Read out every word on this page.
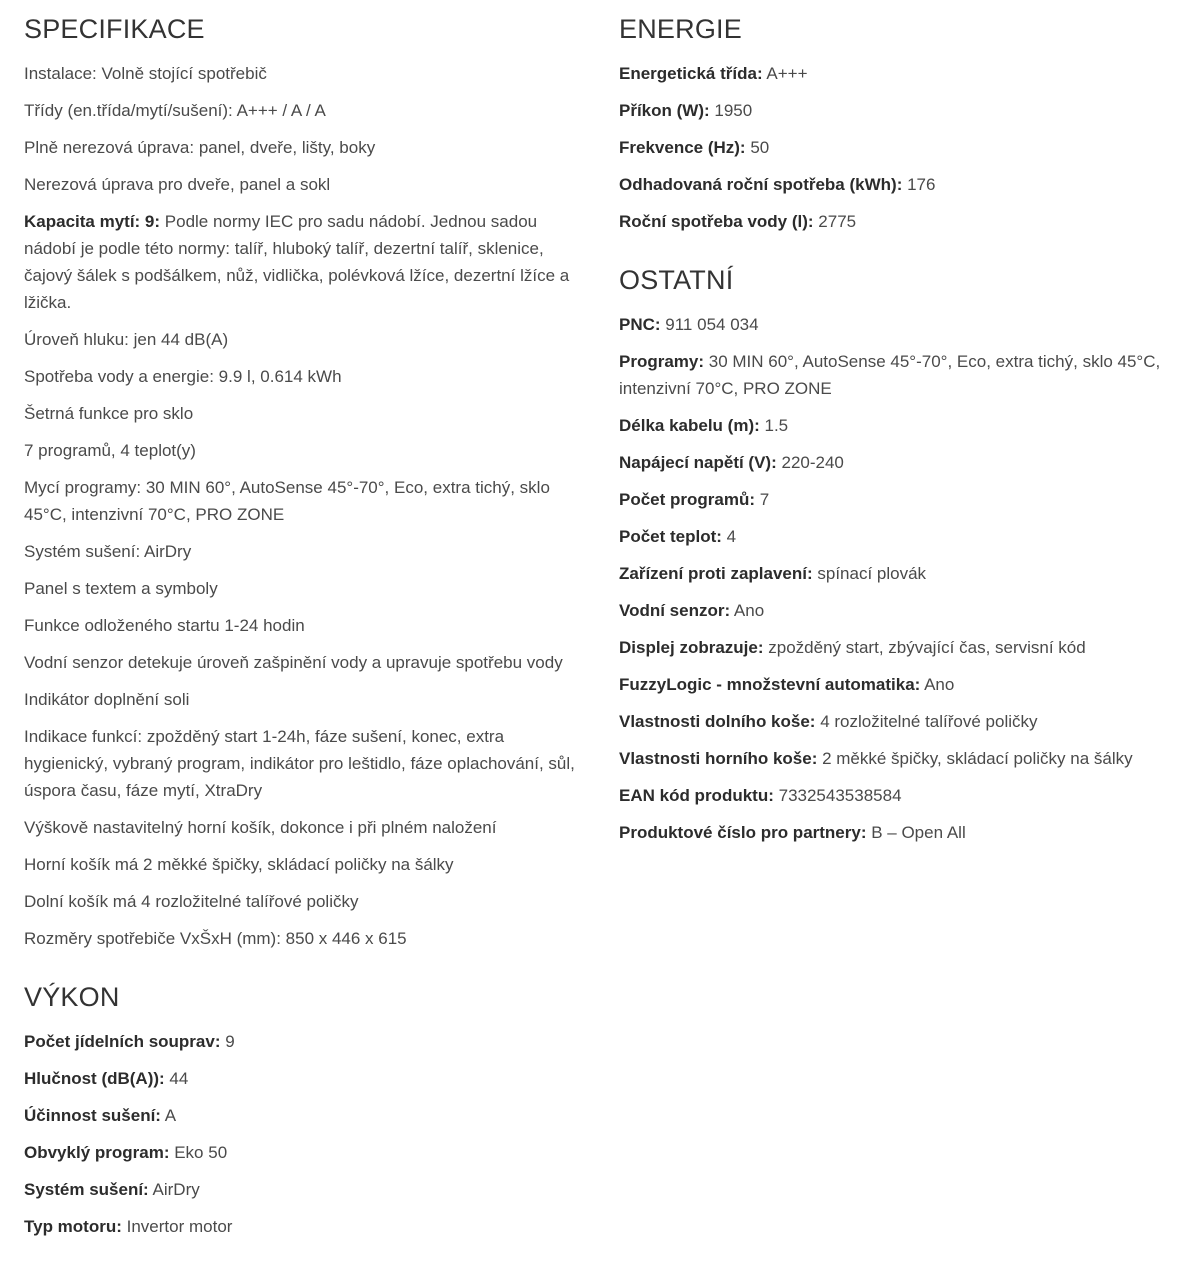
SPECIFIKACE
Instalace: Volně stojící spotřebič
Třídy (en.třída/mytí/sušení): A+++ / A / A
Plně nerezová úprava: panel, dveře, lišty, boky
Nerezová úprava pro dveře, panel a sokl
Kapacita mytí: 9: Podle normy IEC pro sadu nádobí. Jednou sadou nádobí je podle této normy: talíř, hluboký talíř, dezertní talíř, sklenice, čajový šálek s podšálkem, nůž, vidlička, polévková lžíce, dezertní lžíce a lžička.
Úroveň hluku: jen 44 dB(A)
Spotřeba vody a energie: 9.9 l, 0.614 kWh
Šetrná funkce pro sklo
7 programů, 4 teplot(y)
Mycí programy: 30 MIN 60°, AutoSense 45°-70°, Eco, extra tichý, sklo 45°C, intenzivní 70°C, PRO ZONE
Systém sušení: AirDry
Panel s textem a symboly
Funkce odloženého startu 1-24 hodin
Vodní senzor detekuje úroveň zašpinění vody a upravuje spotřebu vody
Indikátor doplnění soli
Indikace funkcí: zpožděný start 1-24h, fáze sušení, konec, extra hygienický, vybraný program, indikátor pro leštidlo, fáze oplachování, sůl, úspora času, fáze mytí, XtraDry
Výškově nastavitelný horní košík, dokonce i při plném naložení
Horní košík má 2 měkké špičky, skládací poličky na šálky
Dolní košík má 4 rozložitelné talířové poličky
Rozměry spotřebiče VxŠxH (mm): 850 x 446 x 615
VÝKON
Počet jídelních souprav: 9
Hlučnost (dB(A)): 44
Účinnost sušení: A
Obvyklý program: Eko 50
Systém sušení: AirDry
Typ motoru: Invertor motor
ENERGIE
Energetická třída: A+++
Příkon (W): 1950
Frekvence (Hz): 50
Odhadovaná roční spotřeba (kWh): 176
Roční spotřeba vody (l): 2775
OSTATNÍ
PNC: 911 054 034
Programy: 30 MIN 60°, AutoSense 45°-70°, Eco, extra tichý, sklo 45°C, intenzivní 70°C, PRO ZONE
Délka kabelu (m): 1.5
Napájecí napětí (V): 220-240
Počet programů: 7
Počet teplot: 4
Zařízení proti zaplavení: spínací plovák
Vodní senzor: Ano
Displej zobrazuje: zpožděný start, zbývající čas, servisní kód
FuzzyLogic - množstevní automatika: Ano
Vlastnosti dolního koše: 4 rozložitelné talířové poličky
Vlastnosti horního koše: 2 měkké špičky, skládací poličky na šálky
EAN kód produktu: 7332543538584
Produktové číslo pro partnery: B – Open All
